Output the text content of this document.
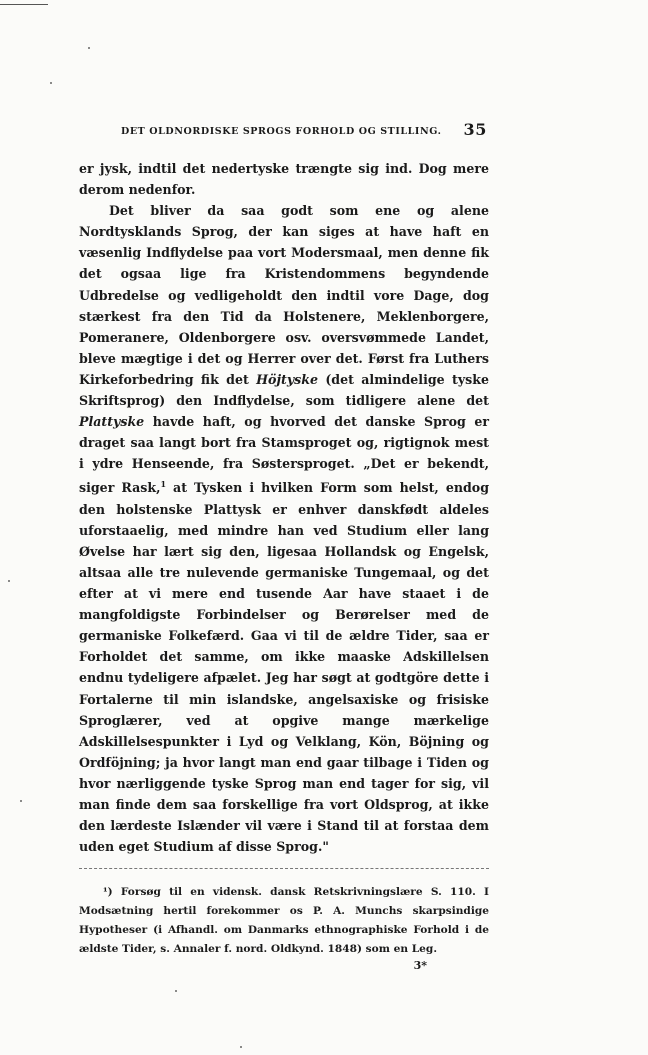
DET OLDNORDISKE SPROGS FORHOLD OG STILLING. 35

er jysk, indtil det nedertyske trængte sig ind. Dog mere derom nedenfor.

Det bliver da saa godt som ene og alene Nordtysklands Sprog, der kan siges at have haft en væsenlig Indflydelse paa vort Modersmaal, men denne fik det ogsaa lige fra Kristendommens begyndende Udbredelse og vedligeholdt den indtil vore Dage, dog stærkest fra den Tid da Holstenere, Meklenborgere, Pomeranere, Oldenborgere osv. oversvømmede Landet, bleve mægtige i det og Herrer over det. Først fra Luthers Kirkeforbedring fik det Höjtyske (det almindelige tyske Skriftsprog) den Indflydelse, som tidligere alene det Plattyske havde haft, og hvorved det danske Sprog er draget saa langt bort fra Stamsproget og, rigtignok mest i ydre Henseende, fra Søstersproget. „Det er bekendt, siger Rask,$^1$ at Tysken i hvilken Form som helst, endog den holstenske Plattysk er enhver danskfødt aldeles uforstaaelig, med mindre han ved Studium eller lang Øvelse har lært sig den, ligesaa Hollandsk og Engelsk, altsaa alle tre nulevende germaniske Tungemaal, og det efter at vi mere end tusende Aar have staaet i de mangfoldigste Forbindelser og Berørelser med de germaniske Folkefærd. Gaa vi til de ældre Tider, saa er Forholdet det samme, om ikke maaske Adskillelsen endnu tydeligere afpælet. Jeg har søgt at godtgöre dette i Fortalerne til min islandske, angelsaxiske og frisiske Sproglærer, ved at opgive mange mærkelige Adskillelsespunkter i Lyd og Velklang, Kön, Böjning og Ordföjning; ja hvor langt man end gaar tilbage i Tiden og hvor nærliggende tyske Sprog man end tager for sig, vil man finde dem saa forskellige fra vort Oldsprog, at ikke den lærdeste Islænder vil være i Stand til at forstaa dem uden eget Studium af disse Sprog."

¹) Forsøg til en vidensk. dansk Retskrivningslære S. 110. I Modsætning hertil forekommer os P. A. Munchs skarpsindige Hypotheser (i Afhandl. om Danmarks ethnographiske Forhold i de ældste Tider, s. Annaler f. nord. Oldkynd. 1848) som en Leg.
3*
